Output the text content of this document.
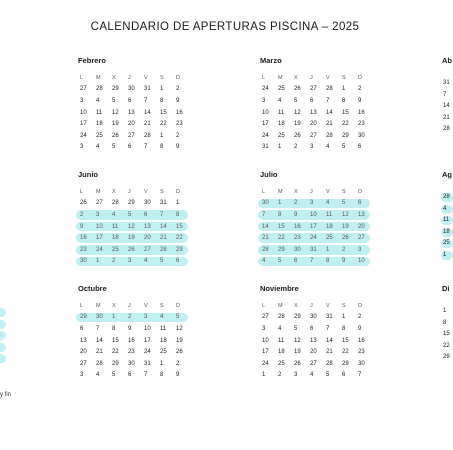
CALENDARIO DE APERTURAS PISCINA – 2025
Ab
31
7
14
21
28
Ag
28
4
11
18
25
1
Di
1
8
15
22
29
Febrero
L	M	X	J	V	S	D
27	28	29	30	31	1	2
3	4	5	6	7	8	9
10	11	12	13	14	15	16
17	18	19	20	21	22	23
24	25	26	27	28	1	2
3	4	5	6	7	8	9
Marzo
L	M	X	J	V	S	D
24	25	26	27	28	1	2
3	4	5	6	7	8	9
10	11	12	13	14	15	16
17	18	19	20	21	22	23
24	25	26	27	28	29	30
31	1	2	3	4	5	6
Junio
L	M	X	J	V	S	D
26	27	28	29	30	31	1
2	3	4	5	6	7	8
9	10	11	12	13	14	15
16	17	18	19	20	21	22
23	24	25	26	27	28	29
30	1	2	3	4	5	6
Julio
L	M	X	J	V	S	D
30	1	2	3	4	5	6
7	8	9	10	11	12	13
14	15	16	17	18	19	20
21	22	23	24	25	26	27
28	29	30	31	1	2	3
4	5	6	7	8	9	10
Octubre
L	M	X	J	V	S	D
29	30	1	2	3	4	5
6	7	8	9	10	11	12
13	14	15	16	17	18	19
20	21	22	23	24	25	26
27	28	29	30	31	1	2
3	4	5	6	7	8	9
Noviembre
L	M	X	J	V	S	D
27	28	29	30	31	1	2
3	4	5	6	7	8	9
10	11	12	13	14	15	16
17	18	19	20	21	22	23
24	25	26	27	28	29	30
1	2	3	4	5	6	7
y fin
